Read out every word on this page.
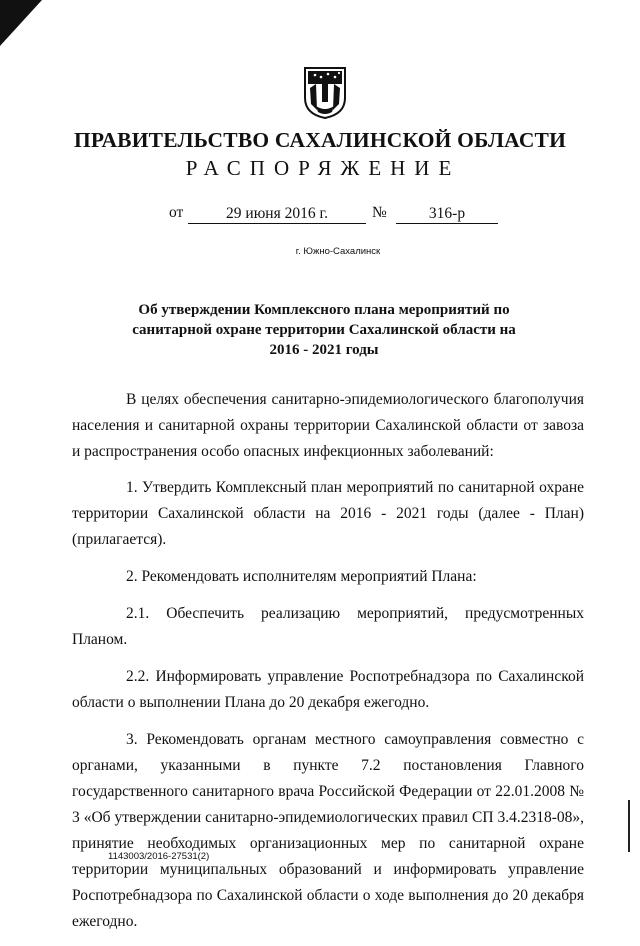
ПРАВИТЕЛЬСТВО САХАЛИНСКОЙ ОБЛАСТИ
РАСПОРЯЖЕНИЕ
от	29 июня 2016 г.	№	316-р
г. Южно-Сахалинск
Об утверждении Комплексного плана мероприятий по
санитарной охране территории Сахалинской области на
2016 - 2021 годы

В целях обеспечения санитарно-эпидемиологического благополучия населения и санитарной охраны территории Сахалинской области от завоза и распространения особо опасных инфекционных заболеваний:

1. Утвердить Комплексный план мероприятий по санитарной охране территории Сахалинской области на 2016 - 2021 годы (далее - План) (прилагается).

2. Рекомендовать исполнителям мероприятий Плана:

2.1. Обеспечить реализацию мероприятий, предусмотренных Планом.

2.2. Информировать управление Роспотребнадзора по Сахалинской области о выполнении Плана до 20 декабря ежегодно.

3. Рекомендовать органам местного самоуправления совместно с органами, указанными в пункте 7.2 постановления Главного государственного санитарного врача Российской Федерации от 22.01.2008 № 3 «Об утверждении санитарно-эпидемиологических правил СП 3.4.2318-08», принятие необходимых организационных мер по санитарной охране территории муниципальных образований и информировать управление Роспотребнадзора по Сахалинской области о ходе выполнения до 20 декабря ежегодно.

1143003/2016-27531(2)
